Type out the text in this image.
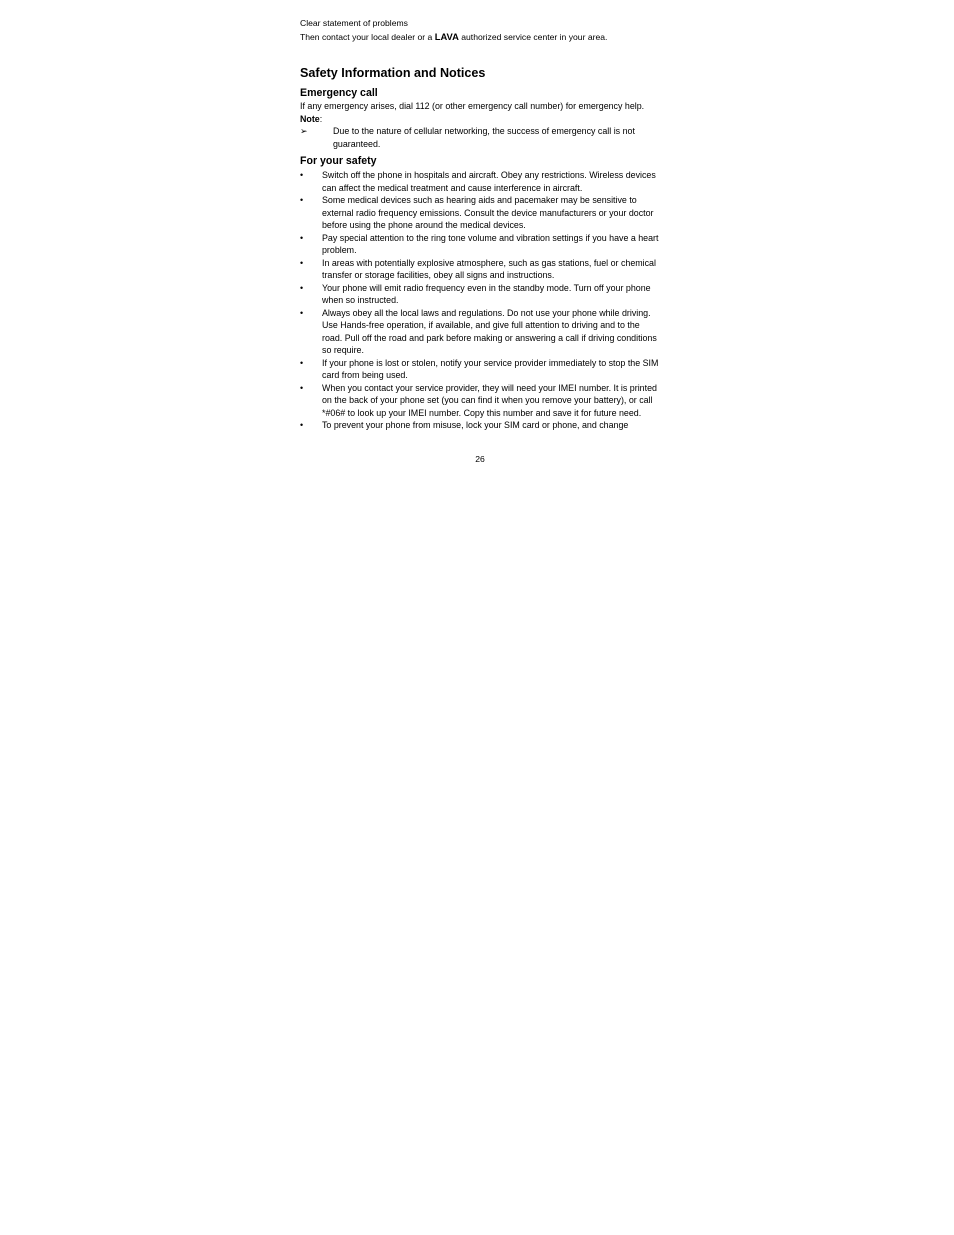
Clear statement of problems
Then contact your local dealer or a LAVA authorized service center in your area.
Safety Information and Notices
Emergency call

If any emergency arises, dial 112 (or other emergency call number) for emergency help.

Note:
➢	Due to the nature of cellular networking, the success of emergency call is not guaranteed.
For your safety
•	Switch off the phone in hospitals and aircraft. Obey any restrictions. Wireless devices can affect the medical treatment and cause interference in aircraft.
•	Some medical devices such as hearing aids and pacemaker may be sensitive to external radio frequency emissions. Consult the device manufacturers or your doctor before using the phone around the medical devices.
•	Pay special attention to the ring tone volume and vibration settings if you have a heart problem.
•	In areas with potentially explosive atmosphere, such as gas stations, fuel or chemical transfer or storage facilities, obey all signs and instructions.
•	Your phone will emit radio frequency even in the standby mode. Turn off your phone when so instructed.
•	Always obey all the local laws and regulations. Do not use your phone while driving. Use Hands-free operation, if available, and give full attention to driving and to the road. Pull off the road and park before making or answering a call if driving conditions so require.
•	If your phone is lost or stolen, notify your service provider immediately to stop the SIM card from being used.
•	When you contact your service provider, they will need your IMEI number. It is printed on the back of your phone set (you can find it when you remove your battery), or call *#06# to look up your IMEI number. Copy this number and save it for future need.
•	To prevent your phone from misuse, lock your SIM card or phone, and change
26
